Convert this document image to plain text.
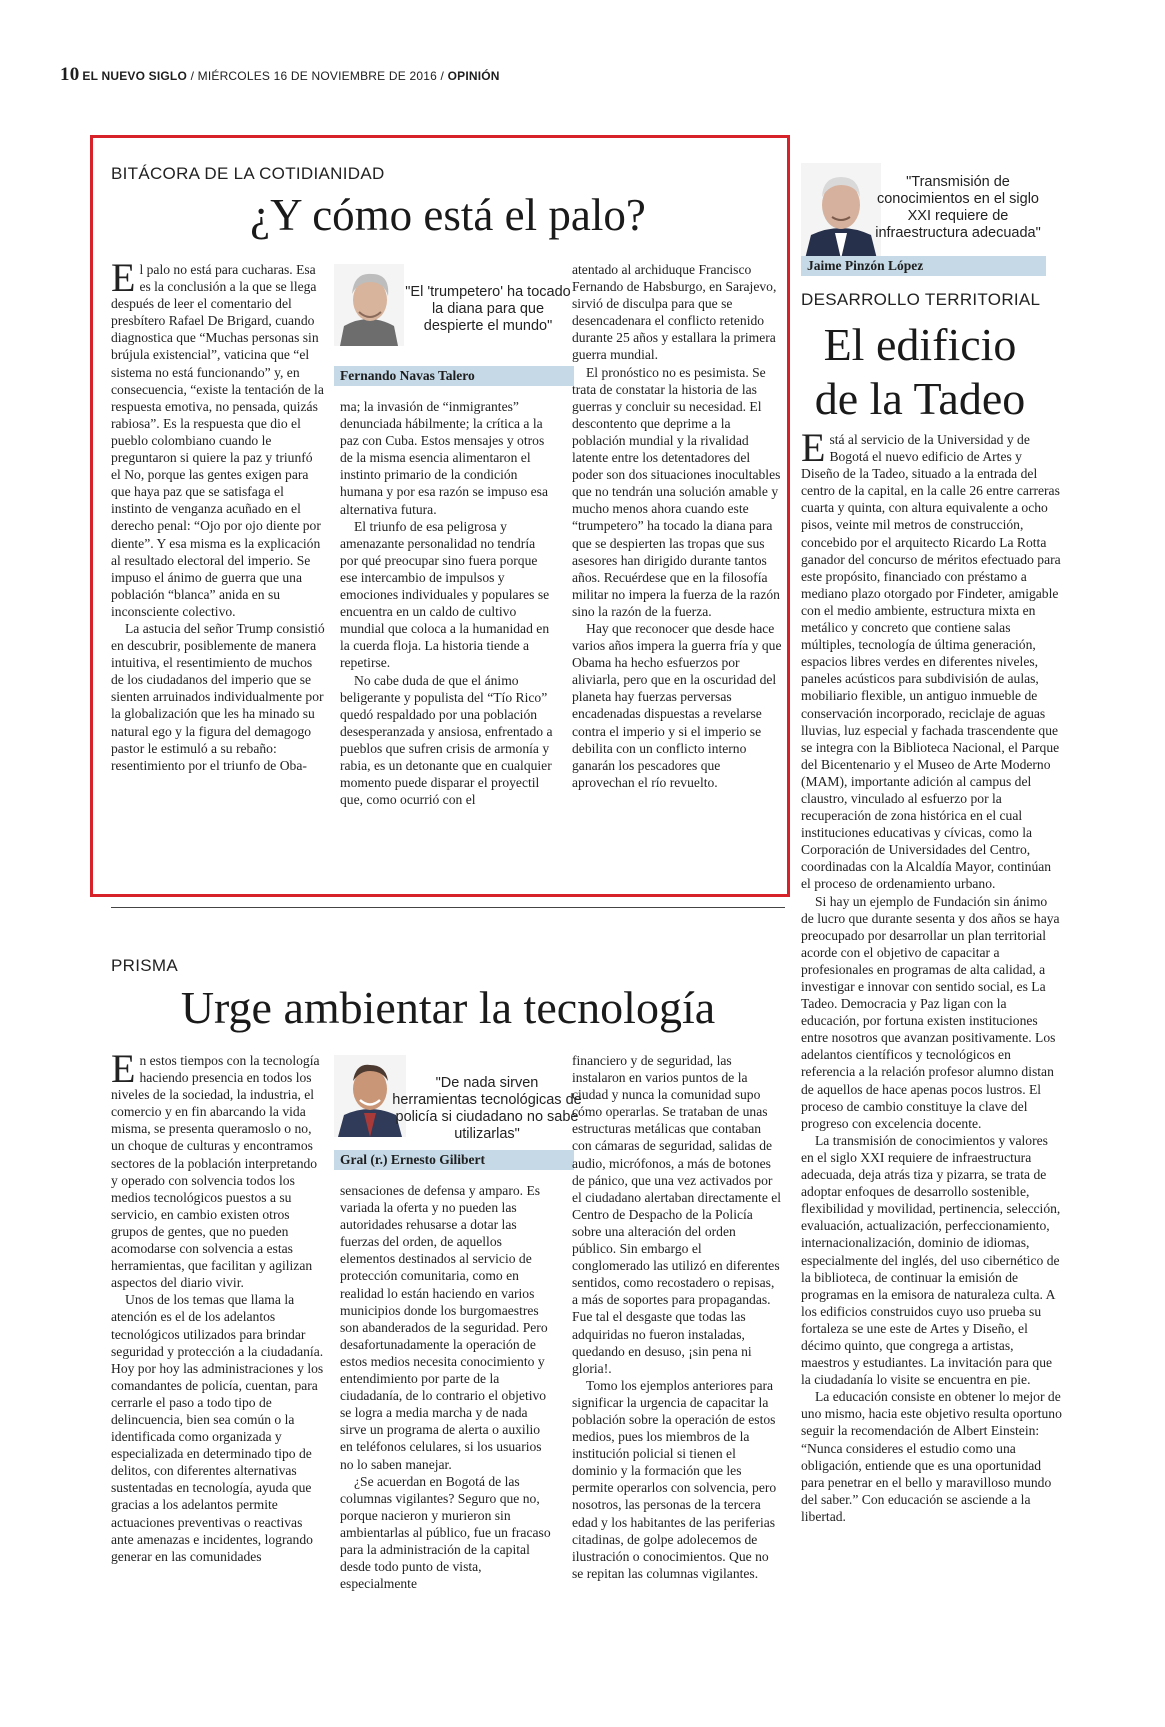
10 EL NUEVO SIGLO / MIÉRCOLES 16 DE NOVIEMBRE DE 2016 / OPINIÓN
BITÁCORA DE LA COTIDIANIDAD
¿Y cómo está el palo?
E l palo no está para cucharas. Esa es la conclusión a la que se llega después de leer el comentario del presbítero Rafael De Brigard, cuando diagnostica que “Muchas personas sin brújula existencial”, vaticina que “el sistema no está funcionando” y, en consecuencia, “existe la tentación de la respuesta emotiva, no pensada, quizás rabiosa”. Es la respuesta que dio el pueblo colombiano cuando le preguntaron si quiere la paz y triunfó el No, porque las gentes exigen para que haya paz que se satisfaga el instinto de venganza acuñado en el derecho penal: “Ojo por ojo diente por diente”. Y esa misma es la explicación al resultado electoral del imperio. Se impuso el ánimo de guerra que una población “blanca” anida en su inconsciente colectivo.

La astucia del señor Trump consistió en descubrir, posiblemente de manera intuitiva, el resentimiento de muchos de los ciudadanos del imperio que se sienten arruinados individualmente por la globalización que les ha minado su natural ego y la figura del demagogo pastor le estimuló a su rebaño: resentimiento por el triunfo de Oba-

"El 'trumpetero' ha tocado la diana para que despierte el mundo"
Fernando Navas Talero

ma; la invasión de “inmigrantes” denunciada hábilmente; la crítica a la paz con Cuba. Estos mensajes y otros de la misma esencia alimentaron el instinto primario de la condición humana y por esa razón se impuso esa alternativa futura.

El triunfo de esa peligrosa y amenazante personalidad no tendría por qué preocupar sino fuera porque ese intercambio de impulsos y emociones individuales y populares se encuentra en un caldo de cultivo mundial que coloca a la humanidad en la cuerda floja. La historia tiende a repetirse.

No cabe duda de que el ánimo beligerante y populista del “Tío Rico” quedó respaldado por una población desesperanzada y ansiosa, enfrentado a pueblos que sufren crisis de armonía y rabia, es un detonante que en cualquier momento puede disparar el proyectil que, como ocurrió con el

atentado al archiduque Francisco Fernando de Habsburgo, en Sarajevo, sirvió de disculpa para que se desencadenara el conflicto retenido durante 25 años y estallara la primera guerra mundial.

El pronóstico no es pesimista. Se trata de constatar la historia de las guerras y concluir su necesidad. El descontento que deprime a la población mundial y la rivalidad latente entre los detentadores del poder son dos situaciones inocultables que no tendrán una solución amable y mucho menos ahora cuando este “trumpetero” ha tocado la diana para que se despierten las tropas que sus asesores han dirigido durante tantos años. Recuérdese que en la filosofía militar no impera la fuerza de la razón sino la razón de la fuerza.

Hay que reconocer que desde hace varios años impera la guerra fría y que Obama ha hecho esfuerzos por aliviarla, pero que en la oscuridad del planeta hay fuerzas perversas encadenadas dispuestas a revelarse contra el imperio y si el imperio se debilita con un conflicto interno ganarán los pescadores que aprovechan el río revuelto.

PRISMA
Urge ambientar la tecnología
E n estos tiempos con la tecnología haciendo presencia en todos los niveles de la sociedad, la industria, el comercio y en fin abarcando la vida misma, se presenta queramoslo o no, un choque de culturas y encontramos sectores de la población interpretando y operado con solvencia todos los medios tecnológicos puestos a su servicio, en cambio existen otros grupos de gentes, que no pueden acomodarse con solvencia a estas herramientas, que facilitan y agilizan aspectos del diario vivir.

Unos de los temas que llama la atención es el de los adelantos tecnológicos utilizados para brindar seguridad y protección a la ciudadanía. Hoy por hoy las administraciones y los comandantes de policía, cuentan, para cerrarle el paso a todo tipo de delincuencia, bien sea común o la identificada como organizada y especializada en determinado tipo de delitos, con diferentes alternativas sustentadas en tecnología, ayuda que gracias a los adelantos permite actuaciones preventivas o reactivas ante amenazas e incidentes, logrando generar en las comunidades

"De nada sirven herramientas tecnológicas de policía si ciudadano no sabe utilizarlas"
Gral (r.) Ernesto Gilibert

sensaciones de defensa y amparo. Es variada la oferta y no pueden las autoridades rehusarse a dotar las fuerzas del orden, de aquellos elementos destinados al servicio de protección comunitaria, como en realidad lo están haciendo en varios municipios donde los burgomaestres son abanderados de la seguridad. Pero desafortunadamente la operación de estos medios necesita conocimiento y entendimiento por parte de la ciudadanía, de lo contrario el objetivo se logra a media marcha y de nada sirve un programa de alerta o auxilio en teléfonos celulares, si los usuarios no lo saben manejar.

¿Se acuerdan en Bogotá de las columnas vigilantes? Seguro que no, porque nacieron y murieron sin ambientarlas al público, fue un fracaso para la administración de la capital desde todo punto de vista, especialmente

financiero y de seguridad, las instalaron en varios puntos de la ciudad y nunca la comunidad supo cómo operarlas. Se trataban de unas estructuras metálicas que contaban con cámaras de seguridad, salidas de audio, micrófonos, a más de botones de pánico, que una vez activados por el ciudadano alertaban directamente el Centro de Despacho de la Policía sobre una alteración del orden público. Sin embargo el conglomerado las utilizó en diferentes sentidos, como recostadero o repisas, a más de soportes para propagandas. Fue tal el desgaste que todas las adquiridas no fueron instaladas, quedando en desuso, ¡sin pena ni gloria!.

Tomo los ejemplos anteriores para significar la urgencia de capacitar la población sobre la operación de estos medios, pues los miembros de la institución policial si tienen el dominio y la formación que les permite operarlos con solvencia, pero nosotros, las personas de la tercera edad y los habitantes de las periferias citadinas, de golpe adolecemos de ilustración o conocimientos. Que no se repitan las columnas vigilantes.

"Transmisión de conocimientos en el siglo XXI requiere de infraestructura adecuada"
Jaime Pinzón López
DESARROLLO TERRITORIAL
El edificio
de la Tadeo
E stá al servicio de la Universidad y de Bogotá el nuevo edificio de Artes y Diseño de la Tadeo, situado a la entrada del centro de la capital, en la calle 26 entre carreras cuarta y quinta, con altura equivalente a ocho pisos, veinte mil metros de construcción, concebido por el arquitecto Ricardo La Rotta ganador del concurso de méritos efectuado para este propósito, financiado con préstamo a mediano plazo otorgado por Findeter, amigable con el medio ambiente, estructura mixta en metálico y concreto que contiene salas múltiples, tecnología de última generación, espacios libres verdes en diferentes niveles, paneles acústicos para subdivisión de aulas, mobiliario flexible, un antiguo inmueble de conservación incorporado, reciclaje de aguas lluvias, luz especial y fachada trascendente que se integra con la Biblioteca Nacional, el Parque del Bicentenario y el Museo de Arte Moderno (MAM), importante adición al campus del claustro, vinculado al esfuerzo por la recuperación de zona histórica en el cual instituciones educativas y cívicas, como la Corporación de Universidades del Centro, coordinadas con la Alcaldía Mayor, continúan el proceso de ordenamiento urbano.

Si hay un ejemplo de Fundación sin ánimo de lucro que durante sesenta y dos años se haya preocupado por desarrollar un plan territorial acorde con el objetivo de capacitar a profesionales en programas de alta calidad, a investigar e innovar con sentido social, es La Tadeo. Democracia y Paz ligan con la educación, por fortuna existen instituciones entre nosotros que avanzan positivamente. Los adelantos científicos y tecnológicos en referencia a la relación profesor alumno distan de aquellos de hace apenas pocos lustros. El proceso de cambio constituye la clave del progreso con excelencia docente.

La transmisión de conocimientos y valores en el siglo XXI requiere de infraestructura adecuada, deja atrás tiza y pizarra, se trata de adoptar enfoques de desarrollo sostenible, flexibilidad y movilidad, pertinencia, selección, evaluación, actualización, perfeccionamiento, internacionalización, dominio de idiomas, especialmente del inglés, del uso cibernético de la biblioteca, de continuar la emisión de programas en la emisora de naturaleza culta. A los edificios construidos cuyo uso prueba su fortaleza se une este de Artes y Diseño, el décimo quinto, que congrega a artistas, maestros y estudiantes. La invitación para que la ciudadanía lo visite se encuentra en pie.

La educación consiste en obtener lo mejor de uno mismo, hacia este objetivo resulta oportuno seguir la recomendación de Albert Einstein: “Nunca consideres el estudio como una obligación, entiende que es una oportunidad para penetrar en el bello y maravilloso mundo del saber.” Con educación se asciende a la libertad.
